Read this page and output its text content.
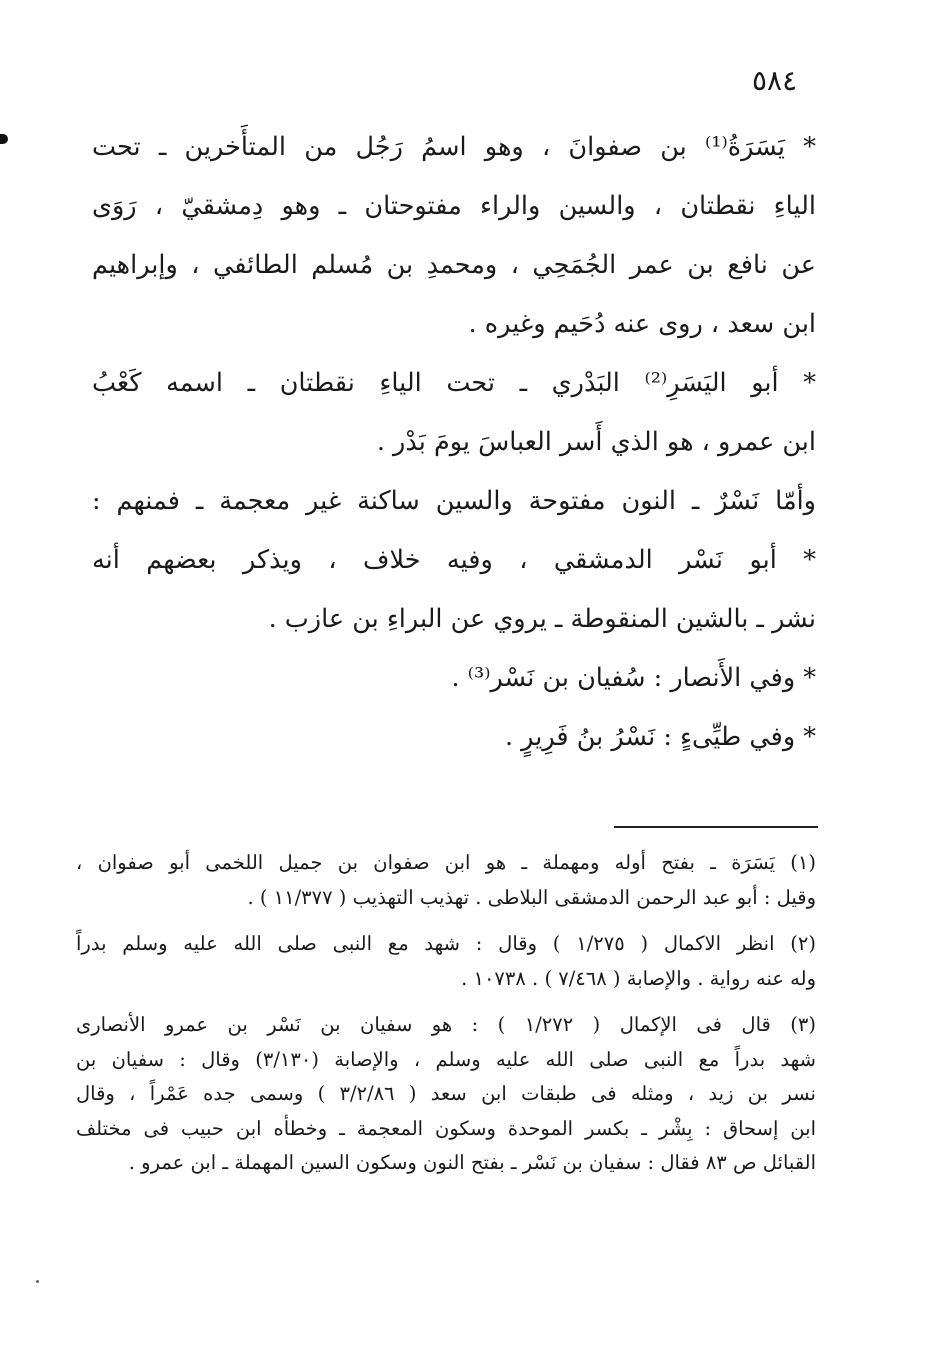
٥٨٤

* يَسَرَةُ⁽¹⁾ بن صفوانَ ، وهو اسمُ رَجُل من المتأَخرين ـ تحت
الياءِ نقطتان ، والسين والراء مفتوحتان ـ وهو دِمشقيّ ، رَوَى
عن نافع بن عمر الجُمَحِي ، ومحمدِ بن مُسلم الطائفي ، وإبراهيم
ابن سعد ، روى عنه دُحَيم وغيره .

* أبو اليَسَرِ⁽²⁾ البَدْري ـ تحت الياءِ نقطتان ـ اسمه كَعْبُ
ابن عمرو ، هو الذي أَسر العباسَ يومَ بَدْر .

وأمّا نَسْرٌ ـ النون مفتوحة والسين ساكنة غير معجمة ـ فمنهم :

* أبو نَسْر الدمشقي ، وفيه خلاف ، ويذكر بعضهم أنه
نشر ـ بالشين المنقوطة ـ يروي عن البراءِ بن عازب .

* وفي الأَنصار : سُفيان بن نَسْر⁽³⁾ .

* وفي طيِّىءٍ : نَسْرُ بنُ فَرِيرٍ .

(١) يَسَرَة ـ بفتح أوله ومهملة ـ هو ابن صفوان بن جميل اللخمى أبو صفوان ،
وقيل : أبو عبد الرحمن الدمشقى البلاطى . تهذيب التهذيب ( ١١/٣٧٧ ) .

(٢) انظر الاكمال ( ١/٢٧٥ ) وقال : شهد مع النبى صلى الله عليه وسلم بدراً
وله عنه رواية . والإصابة ( ٧/٤٦٨ ) . ١٠٧٣٨ .

(٣) قال فى الإكمال ( ١/٢٧٢ ) : هو سفيان بن نَسْر بن عمرو الأنصارى
شهد بدراً مع النبى صلى الله عليه وسلم ، والإصابة (٣/١٣٠) وقال : سفيان بن
نسر بن زيد ، ومثله فى طبقات ابن سعد ( ٣/٢/٨٦ ) وسمى جده عَمْراً ، وقال
ابن إسحاق : بِشْر ـ بكسر الموحدة وسكون المعجمة ـ وخطأه ابن حبيب فى مختلف
القبائل ص ٨٣ فقال : سفيان بن نَسْر ـ بفتح النون وسكون السين المهملة ـ ابن عمرو .
